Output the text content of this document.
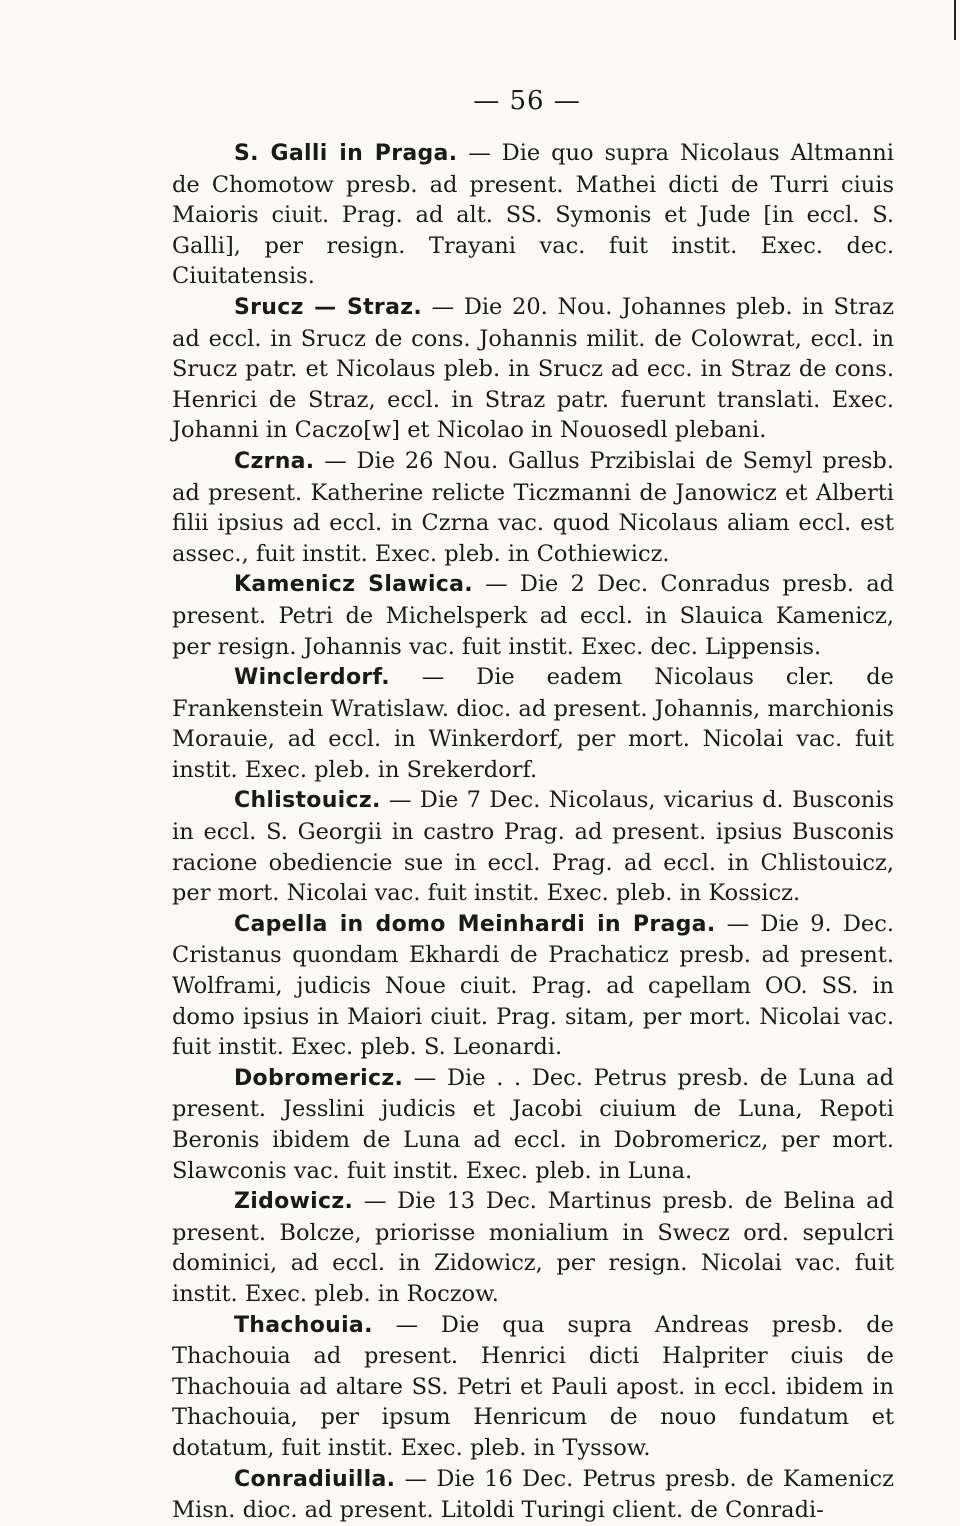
— 56 —

S. Galli in Praga. — Die quo supra Nicolaus Altmanni de Chomotow presb. ad present. Mathei dicti de Turri ciuis Maioris ciuit. Prag. ad alt. SS. Symonis et Jude [in eccl. S. Galli], per resign. Trayani vac. fuit instit. Exec. dec. Ciuitatensis.

Srucz — Straz. — Die 20. Nou. Johannes pleb. in Straz ad eccl. in Srucz de cons. Johannis milit. de Colowrat, eccl. in Srucz patr. et Nicolaus pleb. in Srucz ad ecc. in Straz de cons. Henrici de Straz, eccl. in Straz patr. fuerunt translati. Exec. Johanni in Caczo[w] et Nicolao in Nouosedl plebani.

Czrna. — Die 26 Nou. Gallus Przibislai de Semyl presb. ad present. Katherine relicte Ticzmanni de Janowicz et Alberti filii ipsius ad eccl. in Czrna vac. quod Nicolaus aliam eccl. est assec., fuit instit. Exec. pleb. in Cothiewicz.

Kamenicz Slawica. — Die 2 Dec. Conradus presb. ad present. Petri de Michelsperk ad eccl. in Slauica Kamenicz, per resign. Johannis vac. fuit instit. Exec. dec. Lippensis.

Winclerdorf. — Die eadem Nicolaus cler. de Frankenstein Wratislaw. dioc. ad present. Johannis, marchionis Morauie, ad eccl. in Winkerdorf, per mort. Nicolai vac. fuit instit. Exec. pleb. in Srekerdorf.

Chlistouicz. — Die 7 Dec. Nicolaus, vicarius d. Busconis in eccl. S. Georgii in castro Prag. ad present. ipsius Busconis racione obediencie sue in eccl. Prag. ad eccl. in Chlistouicz, per mort. Nicolai vac. fuit instit. Exec. pleb. in Kossicz.

Capella in domo Meinhardi in Praga. — Die 9. Dec. Cristanus quondam Ekhardi de Prachaticz presb. ad present. Wolframi, judicis Noue ciuit. Prag. ad capellam OO. SS. in domo ipsius in Maiori ciuit. Prag. sitam, per mort. Nicolai vac. fuit instit. Exec. pleb. S. Leonardi.

Dobromericz. — Die . . Dec. Petrus presb. de Luna ad present. Jesslini judicis et Jacobi ciuium de Luna, Repoti Beronis ibidem de Luna ad eccl. in Dobromericz, per mort. Slawconis vac. fuit instit. Exec. pleb. in Luna.

Zidowicz. — Die 13 Dec. Martinus presb. de Belina ad present. Bolcze, priorisse monialium in Swecz ord. sepulcri dominici, ad eccl. in Zidowicz, per resign. Nicolai vac. fuit instit. Exec. pleb. in Roczow.

Thachouia. — Die qua supra Andreas presb. de Thachouia ad present. Henrici dicti Halpriter ciuis de Thachouia ad altare SS. Petri et Pauli apost. in eccl. ibidem in Thachouia, per ipsum Henricum de nouo fundatum et dotatum, fuit instit. Exec. pleb. in Tyssow.

Conradiuilla. — Die 16 Dec. Petrus presb. de Kamenicz Misn. dioc. ad present. Litoldi Turingi client. de Conradi-
